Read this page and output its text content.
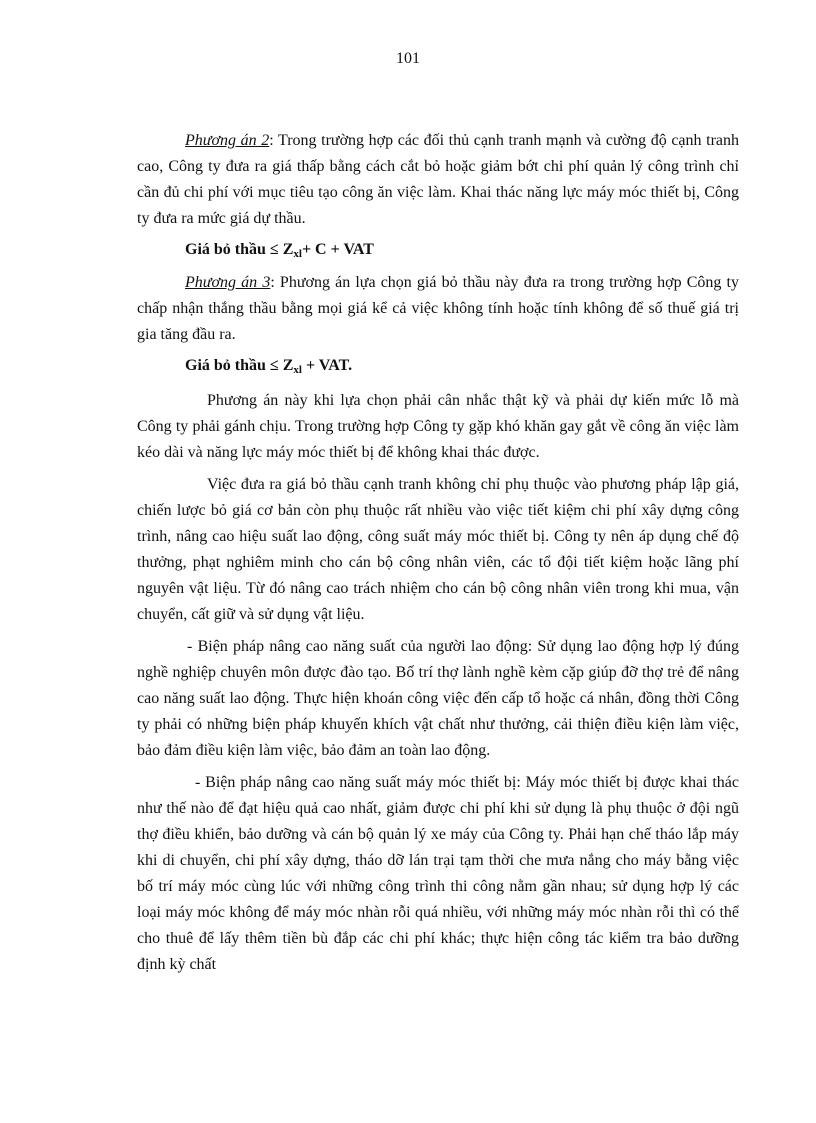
101

Phương án 2: Trong trường hợp các đối thủ cạnh tranh mạnh và cường độ cạnh tranh cao, Công ty đưa ra giá thấp bằng cách cắt bỏ hoặc giảm bớt chi phí quản lý công trình chỉ cần đủ chi phí với mục tiêu tạo công ăn việc làm. Khai thác năng lực máy móc thiết bị, Công ty đưa ra mức giá dự thầu.

Giá bỏ thầu ≤ $Z_{xl}+ C$ + VAT

Phương án 3: Phương án lựa chọn giá bỏ thầu này đưa ra trong trường hợp Công ty chấp nhận thắng thầu bằng mọi giá kể cả việc không tính hoặc tính không để số thuế giá trị gia tăng đầu ra.

Giá bỏ thầu ≤ $Z_{xl}$ + VAT.

Phương án này khi lựa chọn phải cân nhắc thật kỹ và phải dự kiến mức lỗ mà Công ty phải gánh chịu. Trong trường hợp Công ty gặp khó khăn gay gắt về công ăn việc làm kéo dài và năng lực máy móc thiết bị để không khai thác được.

Việc đưa ra giá bỏ thầu cạnh tranh không chỉ phụ thuộc vào phương pháp lập giá, chiến lược bỏ giá cơ bản còn phụ thuộc rất nhiều vào việc tiết kiệm chi phí xây dựng công trình, nâng cao hiệu suất lao động, công suất máy móc thiết bị. Công ty nên áp dụng chế độ thưởng, phạt nghiêm minh cho cán bộ công nhân viên, các tổ đội tiết kiệm hoặc lãng phí nguyên vật liệu. Từ đó nâng cao trách nhiệm cho cán bộ công nhân viên trong khi mua, vận chuyển, cất giữ và sử dụng vật liệu.

- Biện pháp nâng cao năng suất của người lao động: Sử dụng lao động hợp lý đúng nghề nghiệp chuyên môn được đào tạo. Bố trí thợ lành nghề kèm cặp giúp đỡ thợ trẻ để nâng cao năng suất lao động. Thực hiện khoán công việc đến cấp tổ hoặc cá nhân, đồng thời Công ty phải có những biện pháp khuyến khích vật chất như thưởng, cải thiện điều kiện làm việc, bảo đảm điều kiện làm việc, bảo đảm an toàn lao động.

- Biện pháp nâng cao năng suất máy móc thiết bị: Máy móc thiết bị được khai thác như thế nào để đạt hiệu quả cao nhất, giảm được chi phí khi sử dụng là phụ thuộc ở đội ngũ thợ điều khiển, bảo dưỡng và cán bộ quản lý xe máy của Công ty. Phải hạn chế tháo lắp máy khi di chuyển, chi phí xây dựng, tháo dỡ lán trại tạm thời che mưa nắng cho máy bằng việc bố trí máy móc cùng lúc với những công trình thi công nằm gần nhau; sử dụng hợp lý các loại máy móc không để máy móc nhàn rỗi quá nhiều, với những máy móc nhàn rỗi thì có thể cho thuê để lấy thêm tiền bù đắp các chi phí khác; thực hiện công tác kiểm tra bảo dưỡng định kỳ chất
